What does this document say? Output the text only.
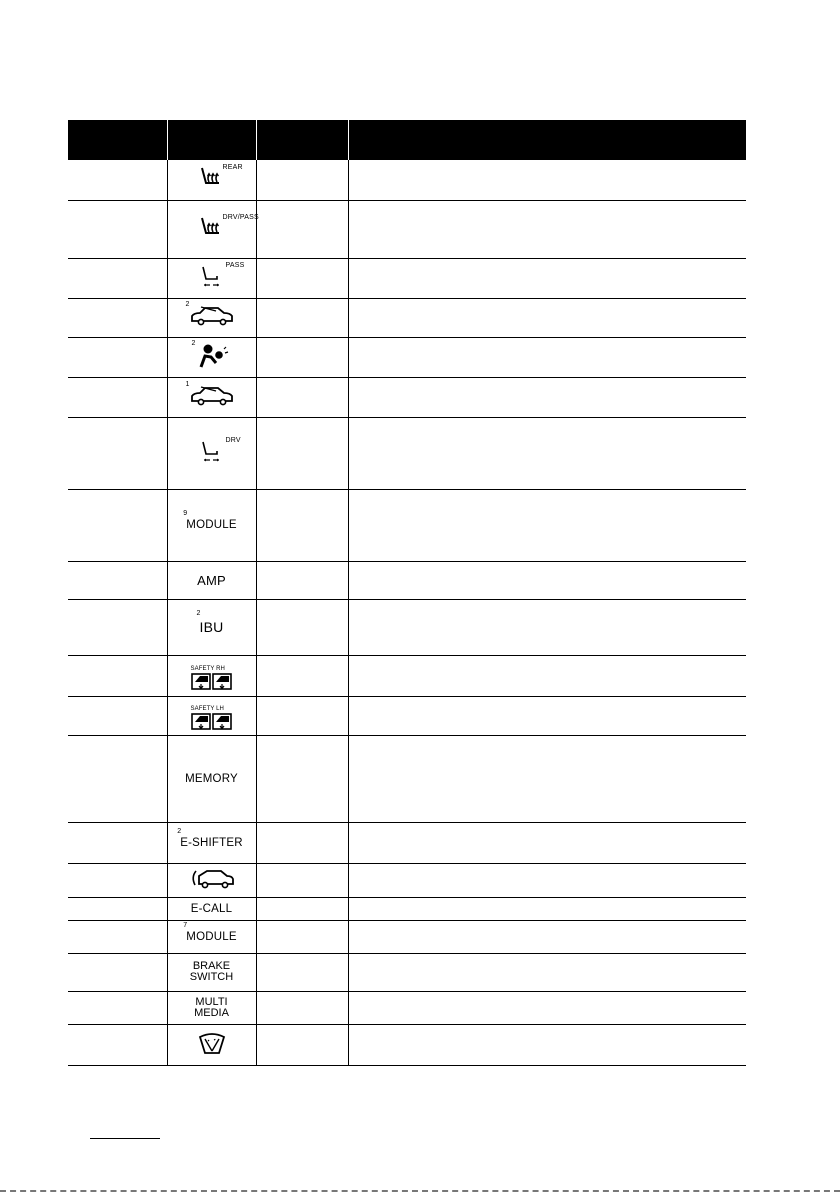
	REAR		

	DRV/PASS		

	PASS		

	2		

	2		

	1		

	DRV		

	9
MODULE		
	AMP		

	2
IBU		

	SAFETY RH		

	SAFETY LH		

	MEMORY		

	2
E-SHIFTER		

	E-CALL		

	7
MODULE		

	BRAKE
SWITCH		

	MULTI
MEDIA		
